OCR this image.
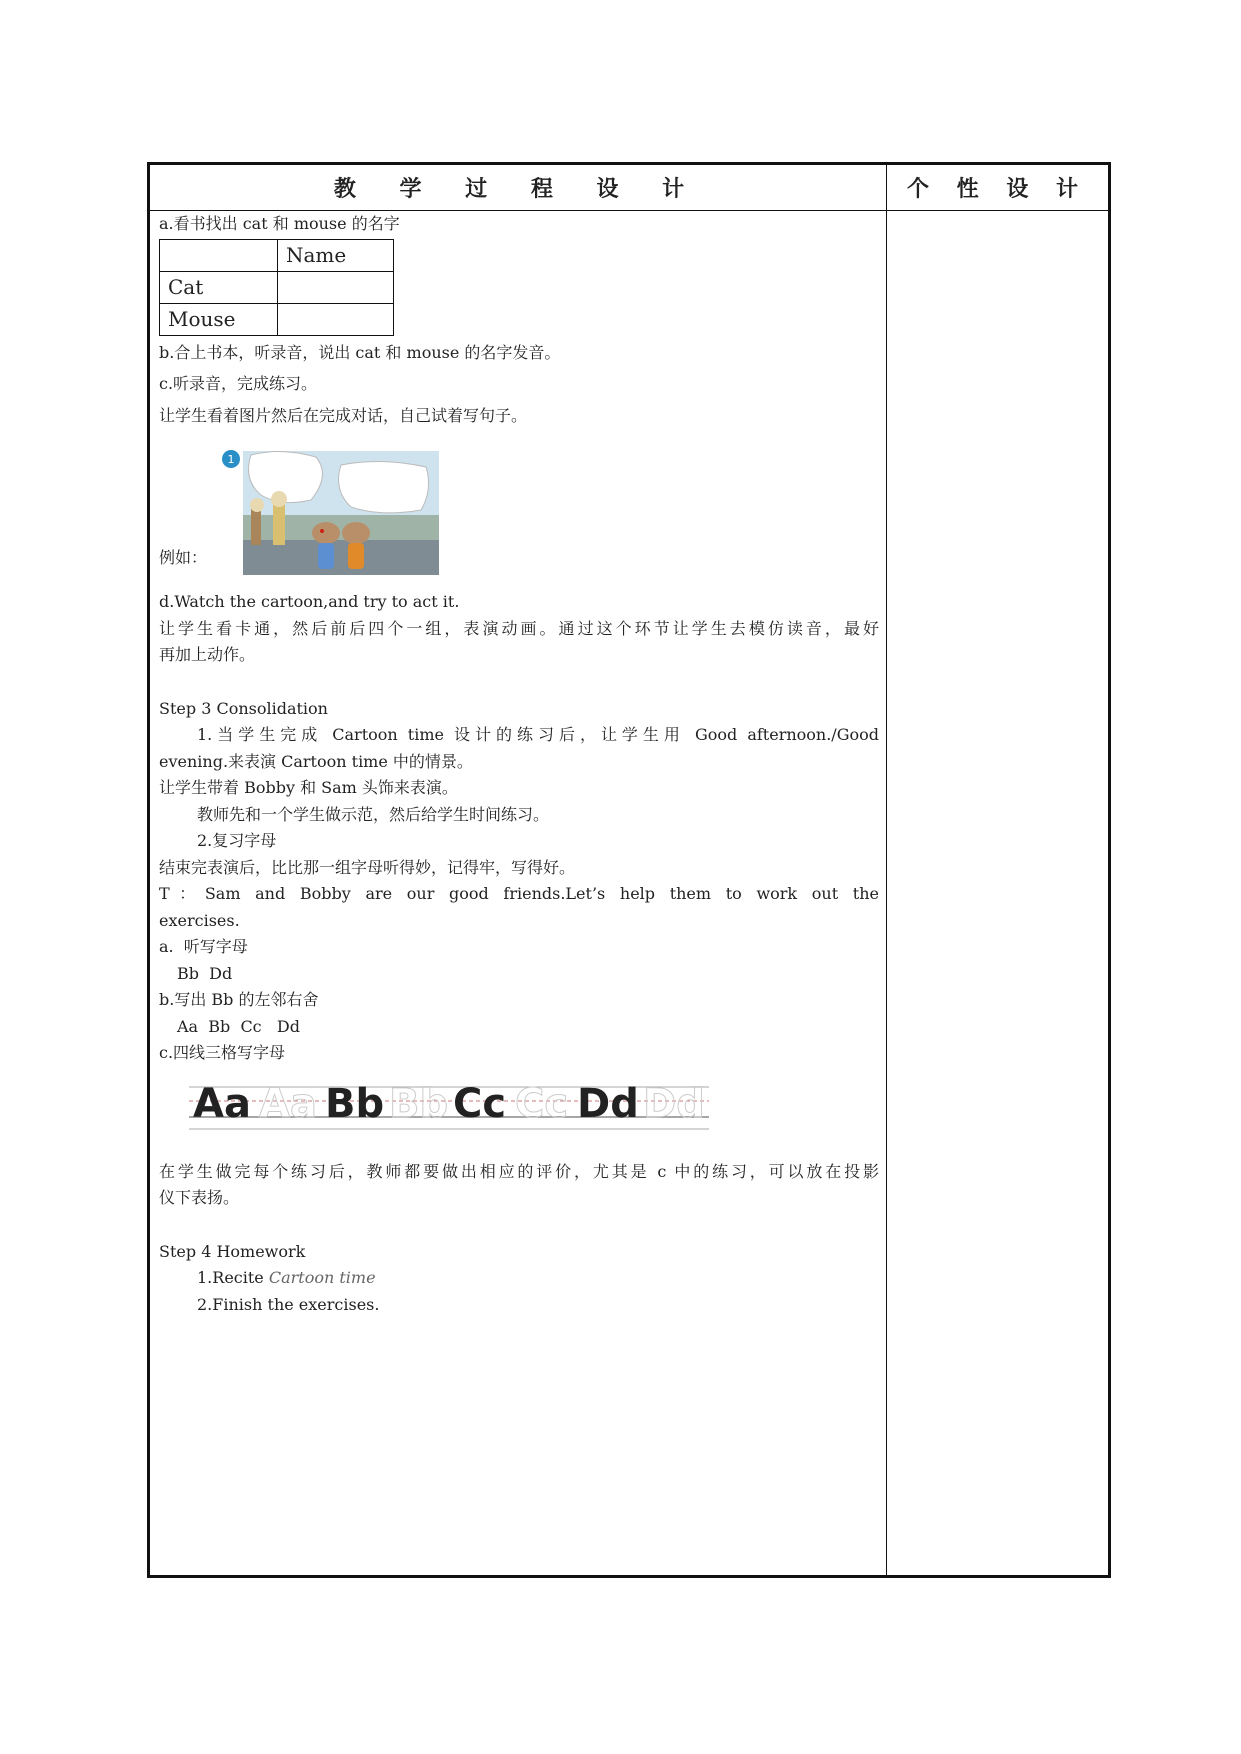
教 学 过 程 设 计	个 性 设 计

a.看书找出 cat 和 mouse 的名字

	Name
Cat	
Mouse	

b.合上书本，听录音，说出 cat 和 mouse 的名字发音。

c.听录音，完成练习。

让学生看着图片然后在完成对话，自己试着写句子。

例如：
1

d.Watch the cartoon,and try to act it.

让学生看卡通，然后前后四个一组，表演动画。通过这个环节让学生去模仿读音，最好

再加上动作。

Step 3 Consolidation

1.当学生完成 Cartoon time 设计的练习后，让学生用 Good afternoon./Good

evening.来表演 Cartoon time 中的情景。

让学生带着 Bobby 和 Sam 头饰来表演。

教师先和一个学生做示范，然后给学生时间练习。

2.复习字母

结束完表演后，比比那一组字母听得妙，记得牢，写得好。

T：Sam and Bobby are our good friends.Let’s help them to work out the

exercises.

a.  听写字母

Bb  Dd

b.写出 Bb 的左邻右舍

Aa  Bb  Cc   Dd

c.四线三格写字母

Aa Aa Bb Bb Cc Cc Dd Dd

在学生做完每个练习后，教师都要做出相应的评价，尤其是 c 中的练习，可以放在投影

仪下表扬。

Step 4 Homework

1.Recite Cartoon time

2.Finish the exercises.
